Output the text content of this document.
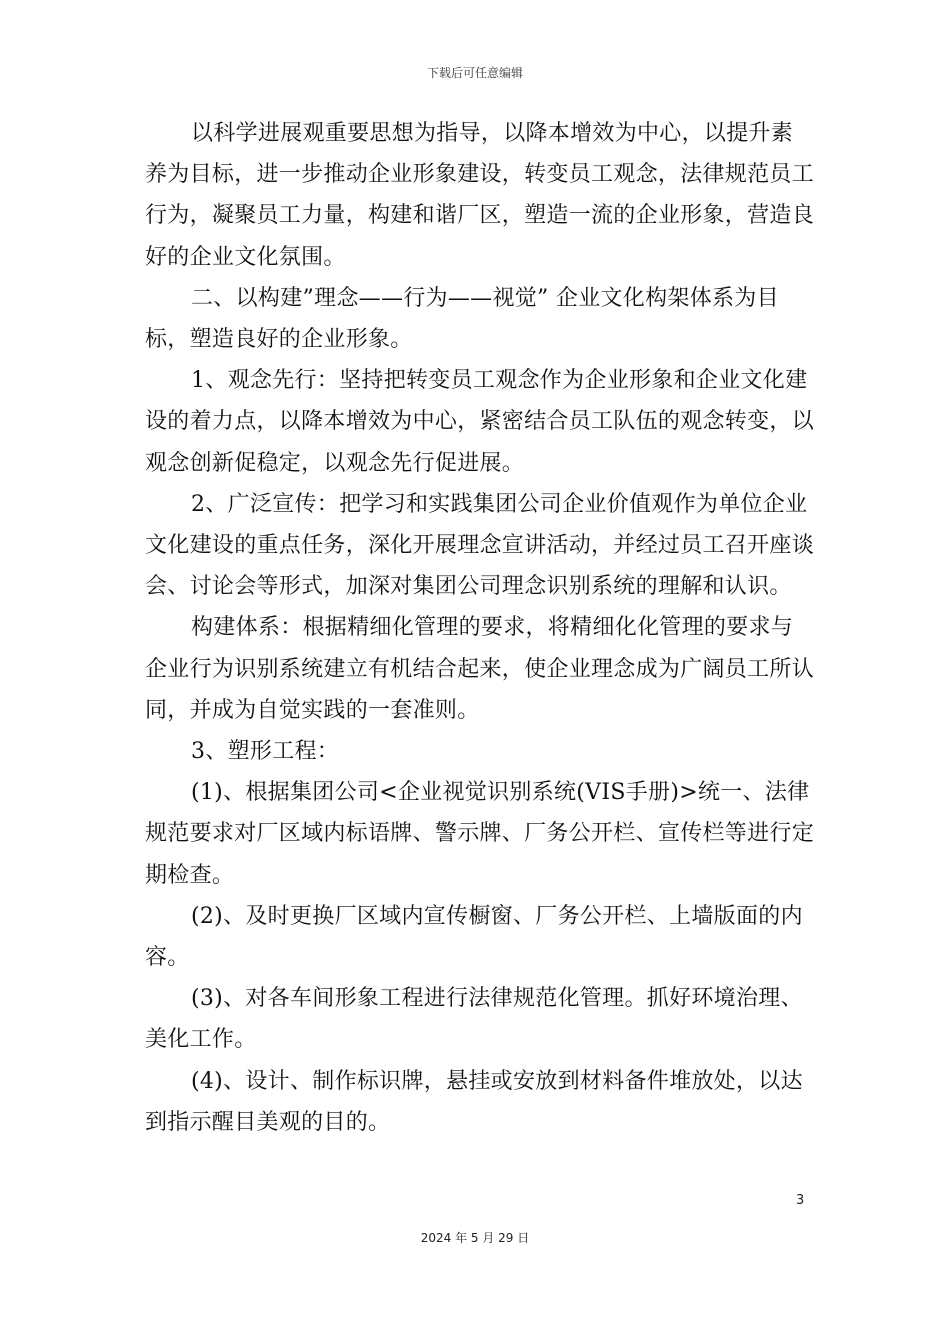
下载后可任意编辑

以科学进展观重要思想为指导，以降本增效为中心，以提升素养为目标，进一步推动企业形象建设，转变员工观念，法律规范员工行为，凝聚员工力量，构建和谐厂区，塑造一流的企业形象，营造良好的企业文化氛围。

二、以构建”理念——行为——视觉” 企业文化构架体系为目标，塑造良好的企业形象。

1、观念先行：坚持把转变员工观念作为企业形象和企业文化建设的着力点，以降本增效为中心，紧密结合员工队伍的观念转变，以观念创新促稳定，以观念先行促进展。

2、广泛宣传：把学习和实践集团公司企业价值观作为单位企业文化建设的重点任务，深化开展理念宣讲活动，并经过员工召开座谈会、讨论会等形式，加深对集团公司理念识别系统的理解和认识。

构建体系：根据精细化管理的要求，将精细化化管理的要求与企业行为识别系统建立有机结合起来，使企业理念成为广阔员工所认同，并成为自觉实践的一套准则。

3、塑形工程：

(1)、根据集团公司<企业视觉识别系统(VIS手册)>统一、法律规范要求对厂区域内标语牌、警示牌、厂务公开栏、宣传栏等进行定期检查。

(2)、及时更换厂区域内宣传橱窗、厂务公开栏、上墙版面的内容。

(3)、对各车间形象工程进行法律规范化管理。抓好环境治理、美化工作。

(4)、设计、制作标识牌，悬挂或安放到材料备件堆放处，以达到指示醒目美观的目的。

3
2024 年 5 月 29 日
